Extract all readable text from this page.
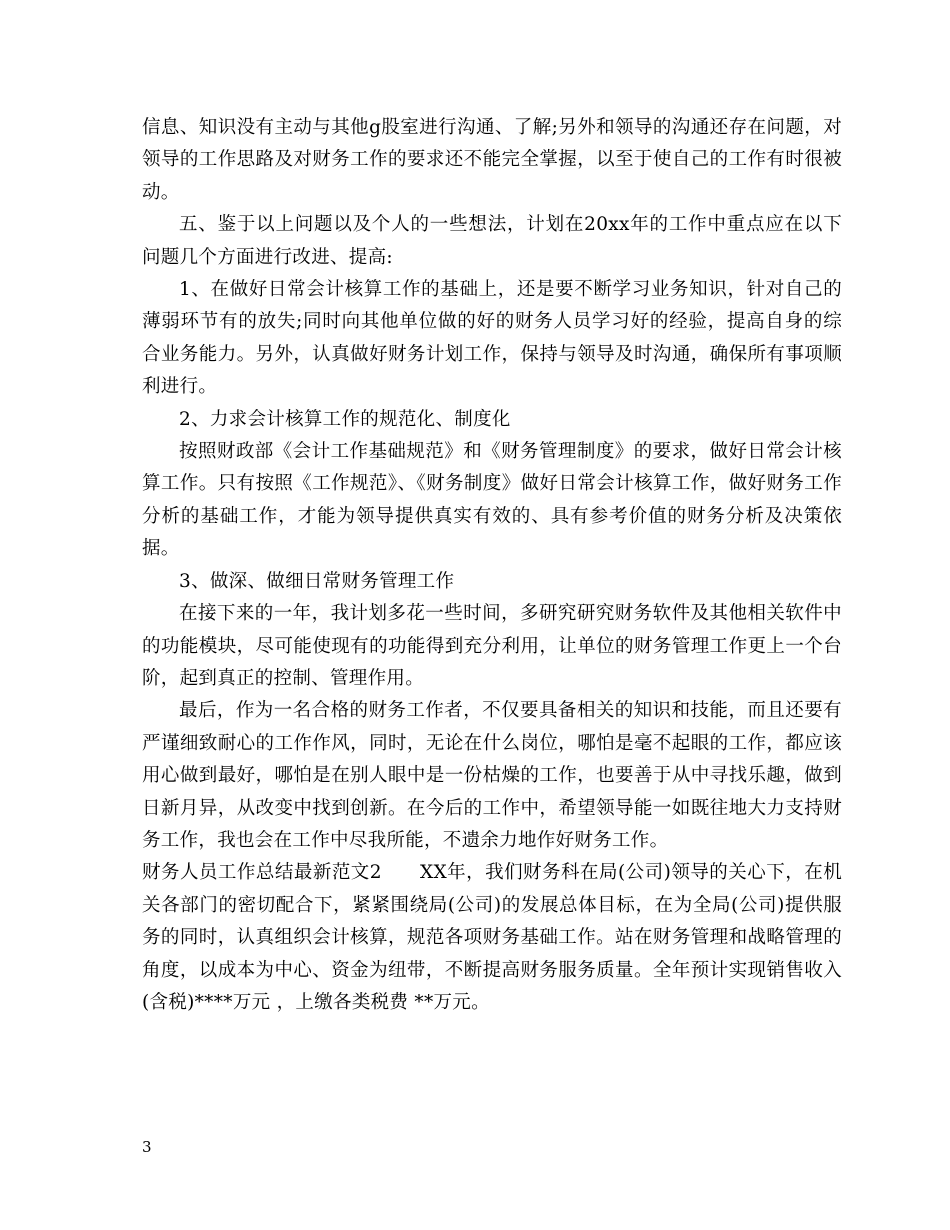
信息、知识没有主动与其他g股室进行沟通、了解;另外和领导的沟通还存在问题，对领导的工作思路及对财务工作的要求还不能完全掌握，以至于使自己的工作有时很被动。

五、鉴于以上问题以及个人的一些想法，计划在20xx年的工作中重点应在以下问题几个方面进行改进、提高:

1、在做好日常会计核算工作的基础上，还是要不断学习业务知识，针对自己的薄弱环节有的放失;同时向其他单位做的好的财务人员学习好的经验，提高自身的综合业务能力。另外，认真做好财务计划工作，保持与领导及时沟通，确保所有事项顺利进行。

2、力求会计核算工作的规范化、制度化

按照财政部《会计工作基础规范》和《财务管理制度》的要求，做好日常会计核算工作。只有按照《工作规范》、《财务制度》做好日常会计核算工作，做好财务工作分析的基础工作，才能为领导提供真实有效的、具有参考价值的财务分析及决策依据。

3、做深、做细日常财务管理工作

在接下来的一年，我计划多花一些时间，多研究研究财务软件及其他相关软件中的功能模块，尽可能使现有的功能得到充分利用，让单位的财务管理工作更上一个台阶，起到真正的控制、管理作用。

最后，作为一名合格的财务工作者，不仅要具备相关的知识和技能，而且还要有严谨细致耐心的工作作风，同时，无论在什么岗位，哪怕是毫不起眼的工作，都应该用心做到最好，哪怕是在别人眼中是一份枯燥的工作，也要善于从中寻找乐趣，做到日新月异，从改变中找到创新。在今后的工作中，希望领导能一如既往地大力支持财务工作，我也会在工作中尽我所能，不遗余力地作好财务工作。

财务人员工作总结最新范文2　　XX年，我们财务科在局(公司)领导的关心下，在机关各部门的密切配合下，紧紧围绕局(公司)的发展总体目标，在为全局(公司)提供服务的同时，认真组织会计核算，规范各项财务基础工作。站在财务管理和战略管理的角度，以成本为中心、资金为纽带，不断提高财务服务质量。全年预计实现销售收入(含税)****万元 ，上缴各类税费 **万元。

3
